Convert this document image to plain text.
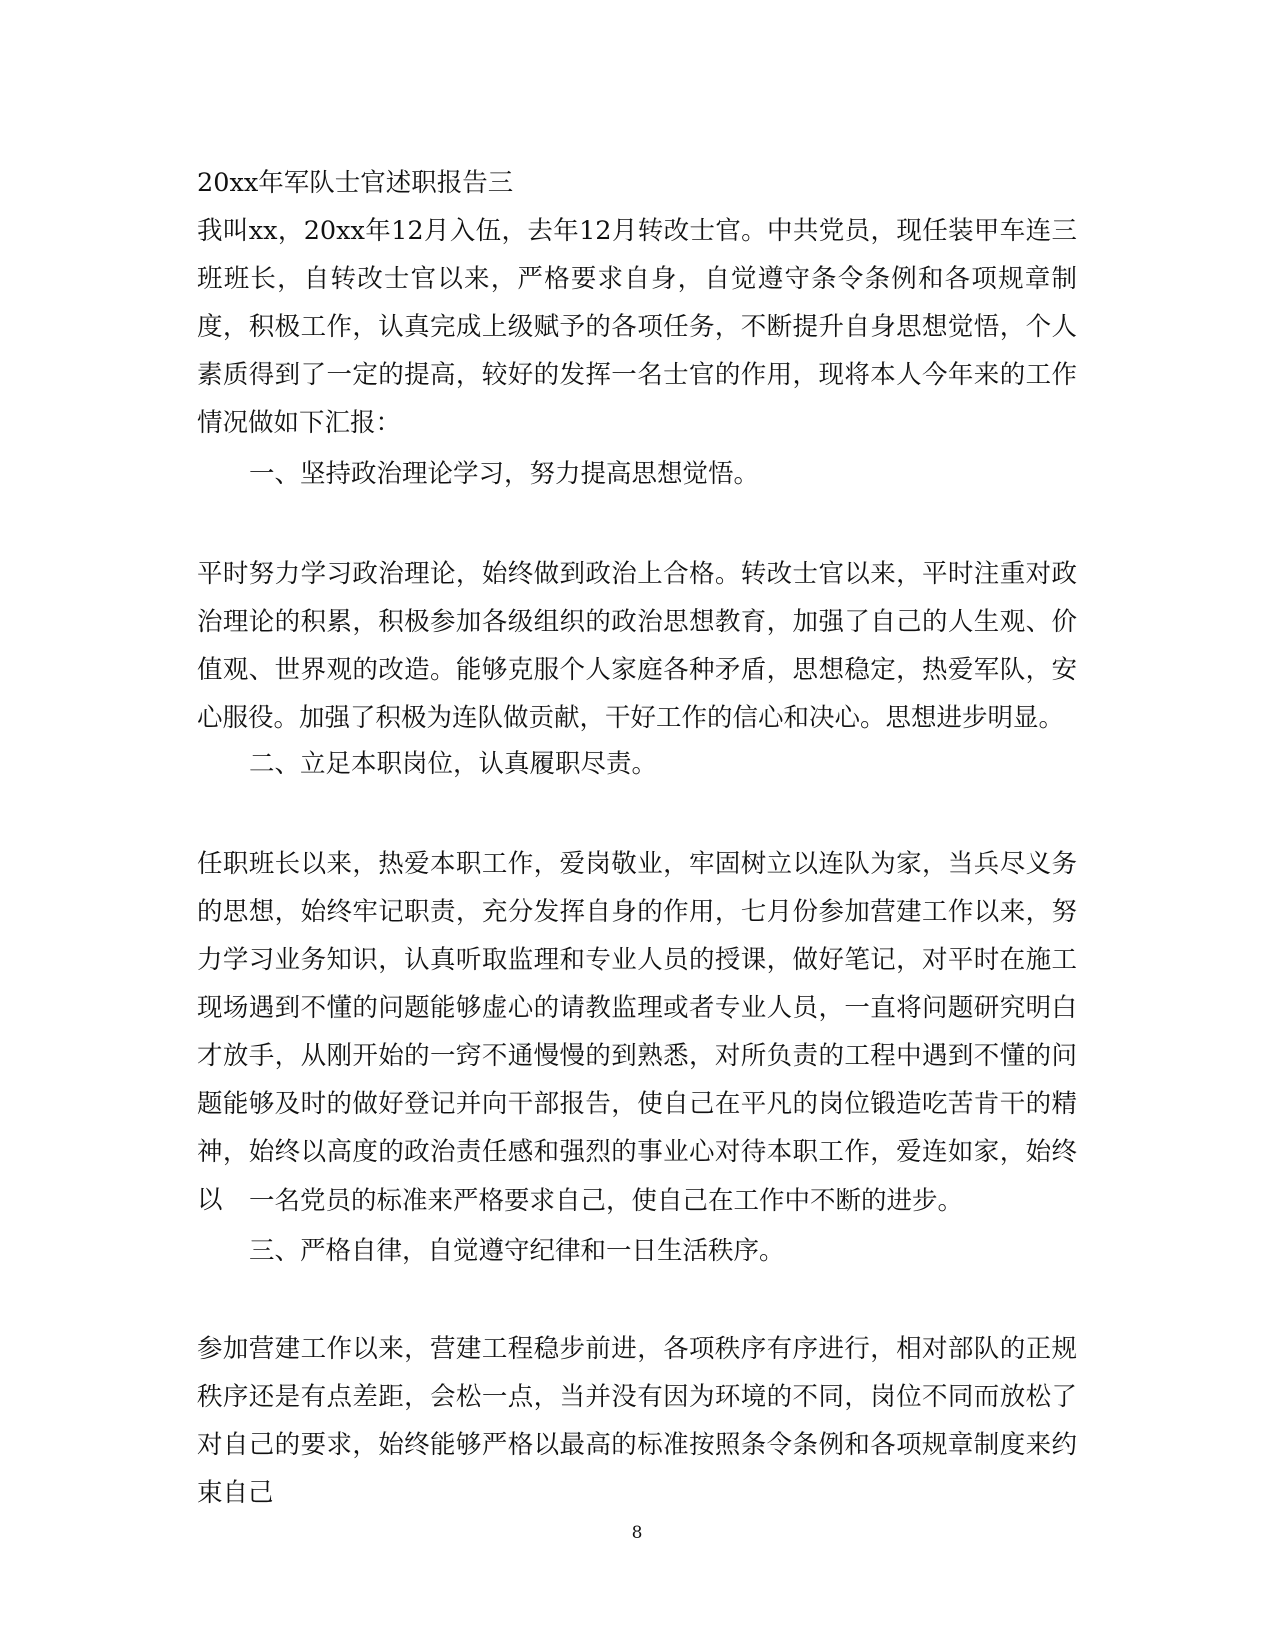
20xx年军队士官述职报告三
我叫xx，20xx年12月入伍，去年12月转改士官。中共党员，现任装甲车连三班班长，自转改士官以来，严格要求自身，自觉遵守条令条例和各项规章制度，积极工作，认真完成上级赋予的各项任务，不断提升自身思想觉悟，个人素质得到了一定的提高，较好的发挥一名士官的作用，现将本人今年来的工作情况做如下汇报：
一、坚持政治理论学习，努力提高思想觉悟。
平时努力学习政治理论，始终做到政治上合格。转改士官以来，平时注重对政治理论的积累，积极参加各级组织的政治思想教育，加强了自己的人生观、价值观、世界观的改造。能够克服个人家庭各种矛盾，思想稳定，热爱军队，安心服役。加强了积极为连队做贡献，干好工作的信心和决心。思想进步明显。
二、立足本职岗位，认真履职尽责。
任职班长以来，热爱本职工作，爱岗敬业，牢固树立以连队为家，当兵尽义务的思想，始终牢记职责，充分发挥自身的作用，七月份参加营建工作以来，努力学习业务知识，认真听取监理和专业人员的授课，做好笔记，对平时在施工现场遇到不懂的问题能够虚心的请教监理或者专业人员，一直将问题研究明白才放手，从刚开始的一窍不通慢慢的到熟悉，对所负责的工程中遇到不懂的问题能够及时的做好登记并向干部报告，使自己在平凡的岗位锻造吃苦肯干的精神，始终以高度的政治责任感和强烈的事业心对待本职工作，爱连如家，始终以	一名党员的标准来严格要求自己，使自己在工作中不断的进步。
三、严格自律，自觉遵守纪律和一日生活秩序。
参加营建工作以来，营建工程稳步前进，各项秩序有序进行，相对部队的正规秩序还是有点差距，会松一点，当并没有因为环境的不同，岗位不同而放松了对自己的要求，始终能够严格以最高的标准按照条令条例和各项规章制度来约束自己
8
